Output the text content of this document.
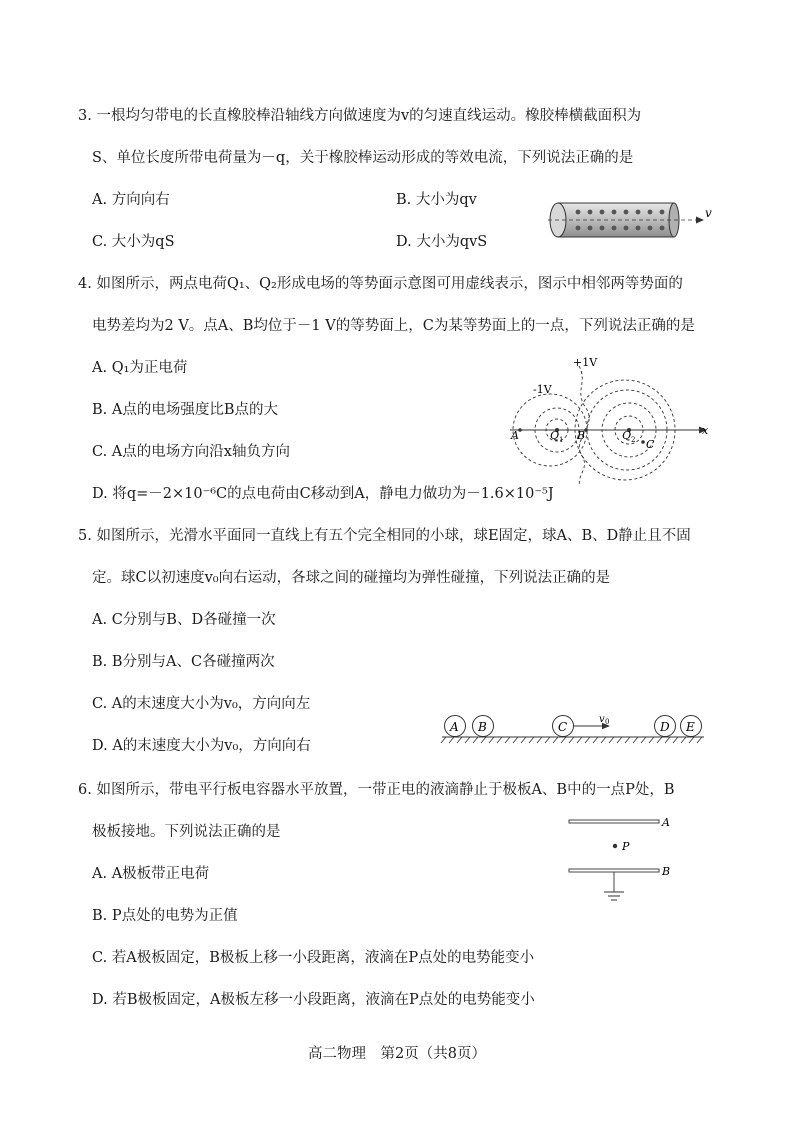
3. 一根均匀带电的长直橡胶棒沿轴线方向做速度为v的匀速直线运动。橡胶棒横截面积为
S、单位长度所带电荷量为－q，关于橡胶棒运动形成的等效电流，下列说法正确的是
A. 方向向右	B. 大小为qv
C. 大小为qS	D. 大小为qvS
v
4. 如图所示，两点电荷Q₁、Q₂形成电场的等势面示意图可用虚线表示，图示中相邻两等势面的
电势差均为2 V。点A、B均位于－1 V的等势面上，C为某等势面上的一点，下列说法正确的是
A. Q₁为正电荷
B. A点的电场强度比B点的大
C. A点的电场方向沿x轴负方向
D. 将q=－2×10⁻⁶C的点电荷由C移动到A，静电力做功为－1.6×10⁻⁵J
+1V
-1V
A	Q 1 B	Q 2 C
x
5. 如图所示，光滑水平面同一直线上有五个完全相同的小球，球E固定，球A、B、D静止且不固
定。球C以初速度v₀向右运动，各球之间的碰撞均为弹性碰撞，下列说法正确的是
A. C分别与B、D各碰撞一次
B. B分别与A、C各碰撞两次
C. A的末速度大小为v₀，方向向左
D. A的末速度大小为v₀，方向向右
A B	C	D E
v 0
6. 如图所示，带电平行板电容器水平放置，一带正电的液滴静止于极板A、B中的一点P处，B
极板接地。下列说法正确的是
A. A极板带正电荷
B. P点处的电势为正值
C. 若A极板固定，B极板上移一小段距离，液滴在P点处的电势能变小
D. 若B极板固定，A极板左移一小段距离，液滴在P点处的电势能变小
A
P
B
高二物理　第2页（共8页）
